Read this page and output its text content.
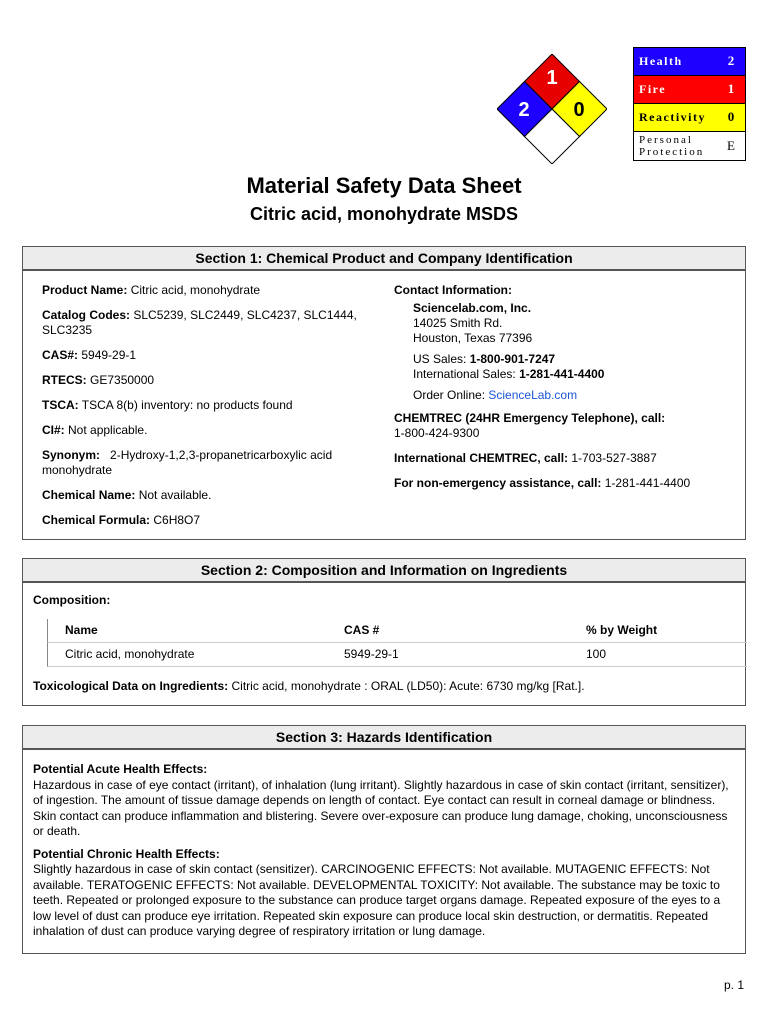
1
2 0
Health	2
Fire	1
Reactivity	0
Personal
Protection	E
Material Safety Data Sheet
Citric acid, monohydrate MSDS
Section 1: Chemical Product and Company Identification

Product Name: Citric acid, monohydrate

Catalog Codes: SLC5239, SLC2449, SLC4237, SLC1444, SLC3235

CAS#: 5949-29-1

RTECS: GE7350000

TSCA: TSCA 8(b) inventory: no products found

CI#: Not applicable.

Synonym: 2-Hydroxy-1,2,3-propanetricarboxylic acid monohydrate

Chemical Name: Not available.

Chemical Formula: C6H8O7

Contact Information:

Sciencelab.com, Inc.

14025 Smith Rd.

Houston, Texas 77396

US Sales: 1-800-901-7247

International Sales: 1-281-441-4400

Order Online: ScienceLab.com

CHEMTREC (24HR Emergency Telephone), call:
1-800-424-9300

International CHEMTREC, call: 1-703-527-3887

For non-emergency assistance, call: 1-281-441-4400

Section 2: Composition and Information on Ingredients
Composition:
Name	CAS #	% by Weight
Citric acid, monohydrate	5949-29-1	100
Toxicological Data on Ingredients: Citric acid, monohydrate : ORAL (LD50): Acute: 6730 mg/kg [Rat.].
Section 3: Hazards Identification
Potential Acute Health Effects:

Hazardous in case of eye contact (irritant), of inhalation (lung irritant). Slightly hazardous in case of skin contact (irritant, sensitizer), of ingestion. The amount of tissue damage depends on length of contact. Eye contact can result in corneal damage or blindness. Skin contact can produce inflammation and blistering. Severe over-exposure can produce lung damage, choking, unconsciousness or death.

Potential Chronic Health Effects:

Slightly hazardous in case of skin contact (sensitizer). CARCINOGENIC EFFECTS: Not available. MUTAGENIC EFFECTS: Not available. TERATOGENIC EFFECTS: Not available. DEVELOPMENTAL TOXICITY: Not available. The substance may be toxic to teeth. Repeated or prolonged exposure to the substance can produce target organs damage. Repeated exposure of the eyes to a low level of dust can produce eye irritation. Repeated skin exposure can produce local skin destruction, or dermatitis. Repeated inhalation of dust can produce varying degree of respiratory irritation or lung damage.

p. 1
